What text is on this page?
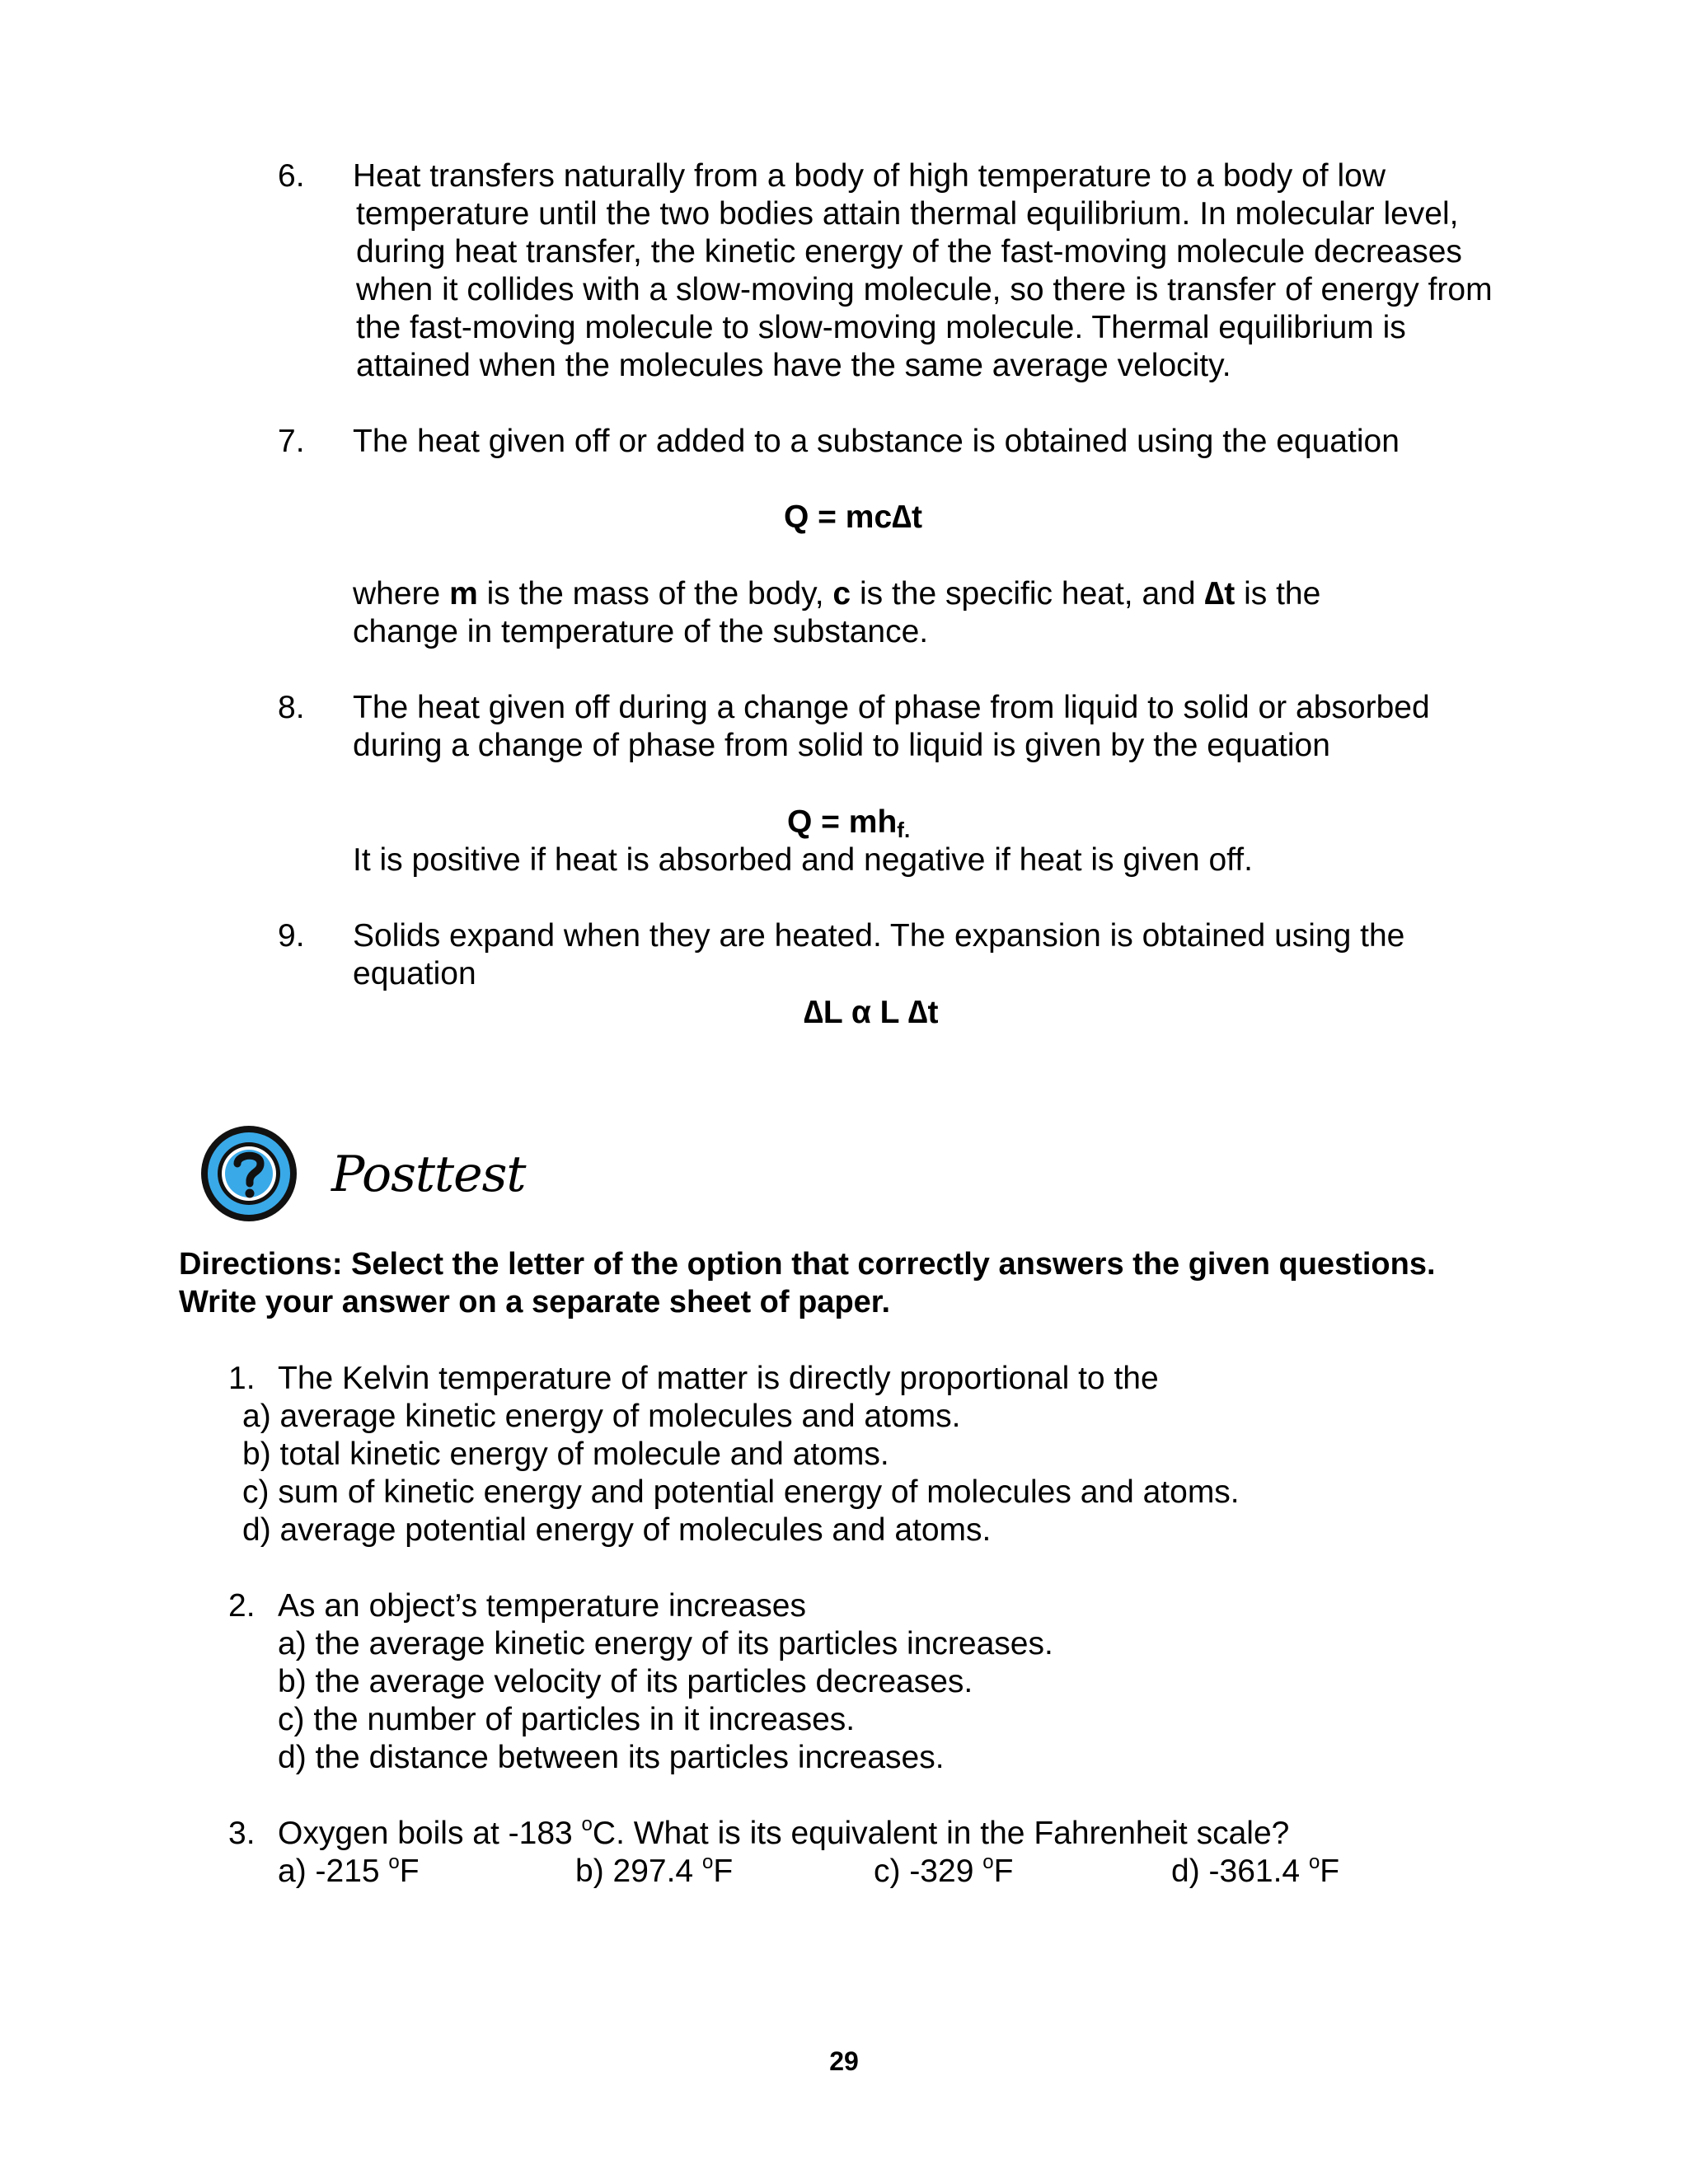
6. Heat transfers naturally from a body of high temperature to a body of low
temperature until the two bodies attain thermal equilibrium. In molecular level,
during heat transfer, the kinetic energy of the fast-moving molecule decreases
when it collides with a slow-moving molecule, so there is transfer of energy from
the fast-moving molecule to slow-moving molecule. Thermal equilibrium is
attained when the molecules have the same average velocity.
7. The heat given off or added to a substance is obtained using the equation
Q = mc∆t
where m is the mass of the body, c is the specific heat, and ∆t is the
change in temperature of the substance.
8. The heat given off during a change of phase from liquid to solid or absorbed
during a change of phase from solid to liquid is given by the equation
$Q = mh_{f.}$
It is positive if heat is absorbed and negative if heat is given off.
9. Solids expand when they are heated. The expansion is obtained using the
equation
∆L α L ∆t
Posttest
Directions: Select the letter of the option that correctly answers the given questions.
Write your answer on a separate sheet of paper.
1. The Kelvin temperature of matter is directly proportional to the
a) average kinetic energy of molecules and atoms.
b) total kinetic energy of molecule and atoms.
c) sum of kinetic energy and potential energy of molecules and atoms.
d) average potential energy of molecules and atoms.
2. As an object’s temperature increases
a) the average kinetic energy of its particles increases.
b) the average velocity of its particles decreases.
c) the number of particles in it increases.
d) the distance between its particles increases.
3. Oxygen boils at -183 $^o$C. What is its equivalent in the Fahrenheit scale?
a) -215 $^o$F	b) 297.4 $^o$F	c) -329 $^o$F	d) -361.4 $^o$F
29
